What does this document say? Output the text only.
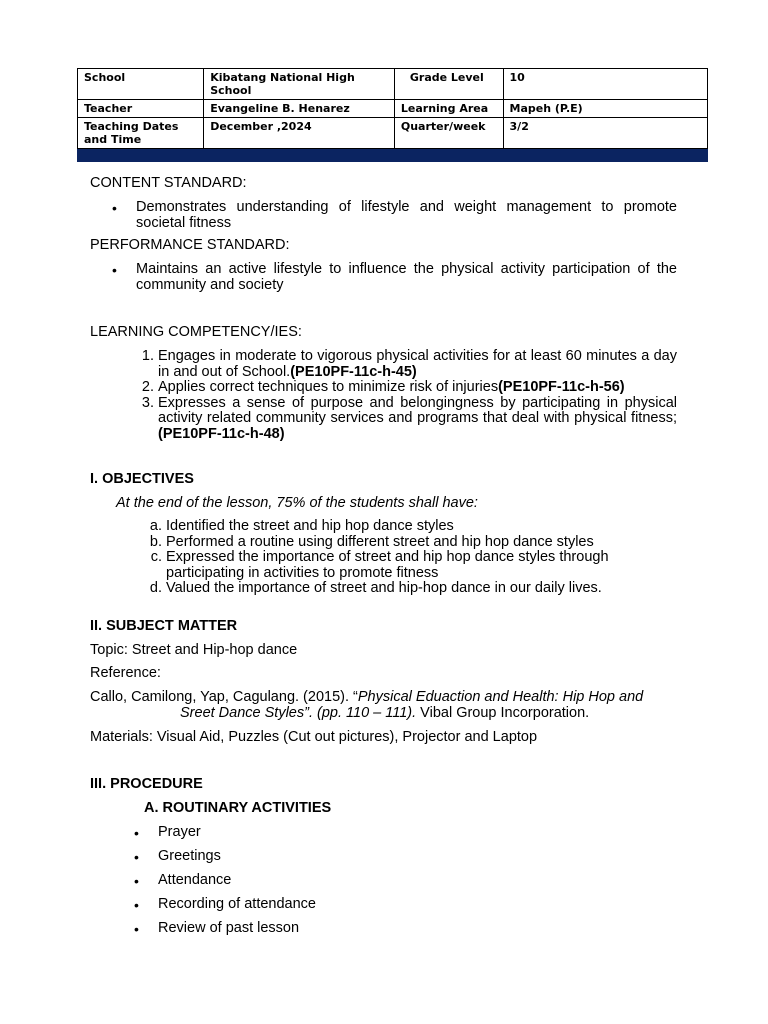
School	Kibatang National High School	Grade Level	10
Teacher	Evangeline B. Henarez	Learning Area	Mapeh (P.E)
Teaching Dates and Time	December ,2024	Quarter/week	3/2

CONTENT STANDARD:
• Demonstrates understanding of lifestyle and weight management to promote societal fitness
PERFORMANCE STANDARD:
• Maintains an active lifestyle to influence the physical activity participation of the community and society
LEARNING COMPETENCY/IES:
1. Engages in moderate to vigorous physical activities for at least 60 minutes a day in and out of School.(PE10PF-11c-h-45)
2. Applies correct techniques to minimize risk of injuries(PE10PF-11c-h-56)
3. Expresses a sense of purpose and belongingness by participating in physical activity related community services and programs that deal with physical fitness; (PE10PF-11c-h-48)
I. OBJECTIVES
At the end of the lesson, 75% of the students shall have:
a. Identified the street and hip hop dance styles
b. Performed a routine using different street and hip hop dance styles
c. Expressed the importance of street and hip hop dance styles through participating in activities to promote fitness
d. Valued the importance of street and hip-hop dance in our daily lives.
II. SUBJECT MATTER
Topic: Street and Hip-hop dance
Reference:
Callo, Camilong, Yap, Cagulang. (2015). “Physical Eduaction and Health: Hip Hop and
Sreet Dance Styles”. (pp. 110 – 111). Vibal Group Incorporation.
Materials: Visual Aid, Puzzles (Cut out pictures), Projector and Laptop
III. PROCEDURE
A. ROUTINARY ACTIVITIES
• Prayer
• Greetings
• Attendance
• Recording of attendance
• Review of past lesson
